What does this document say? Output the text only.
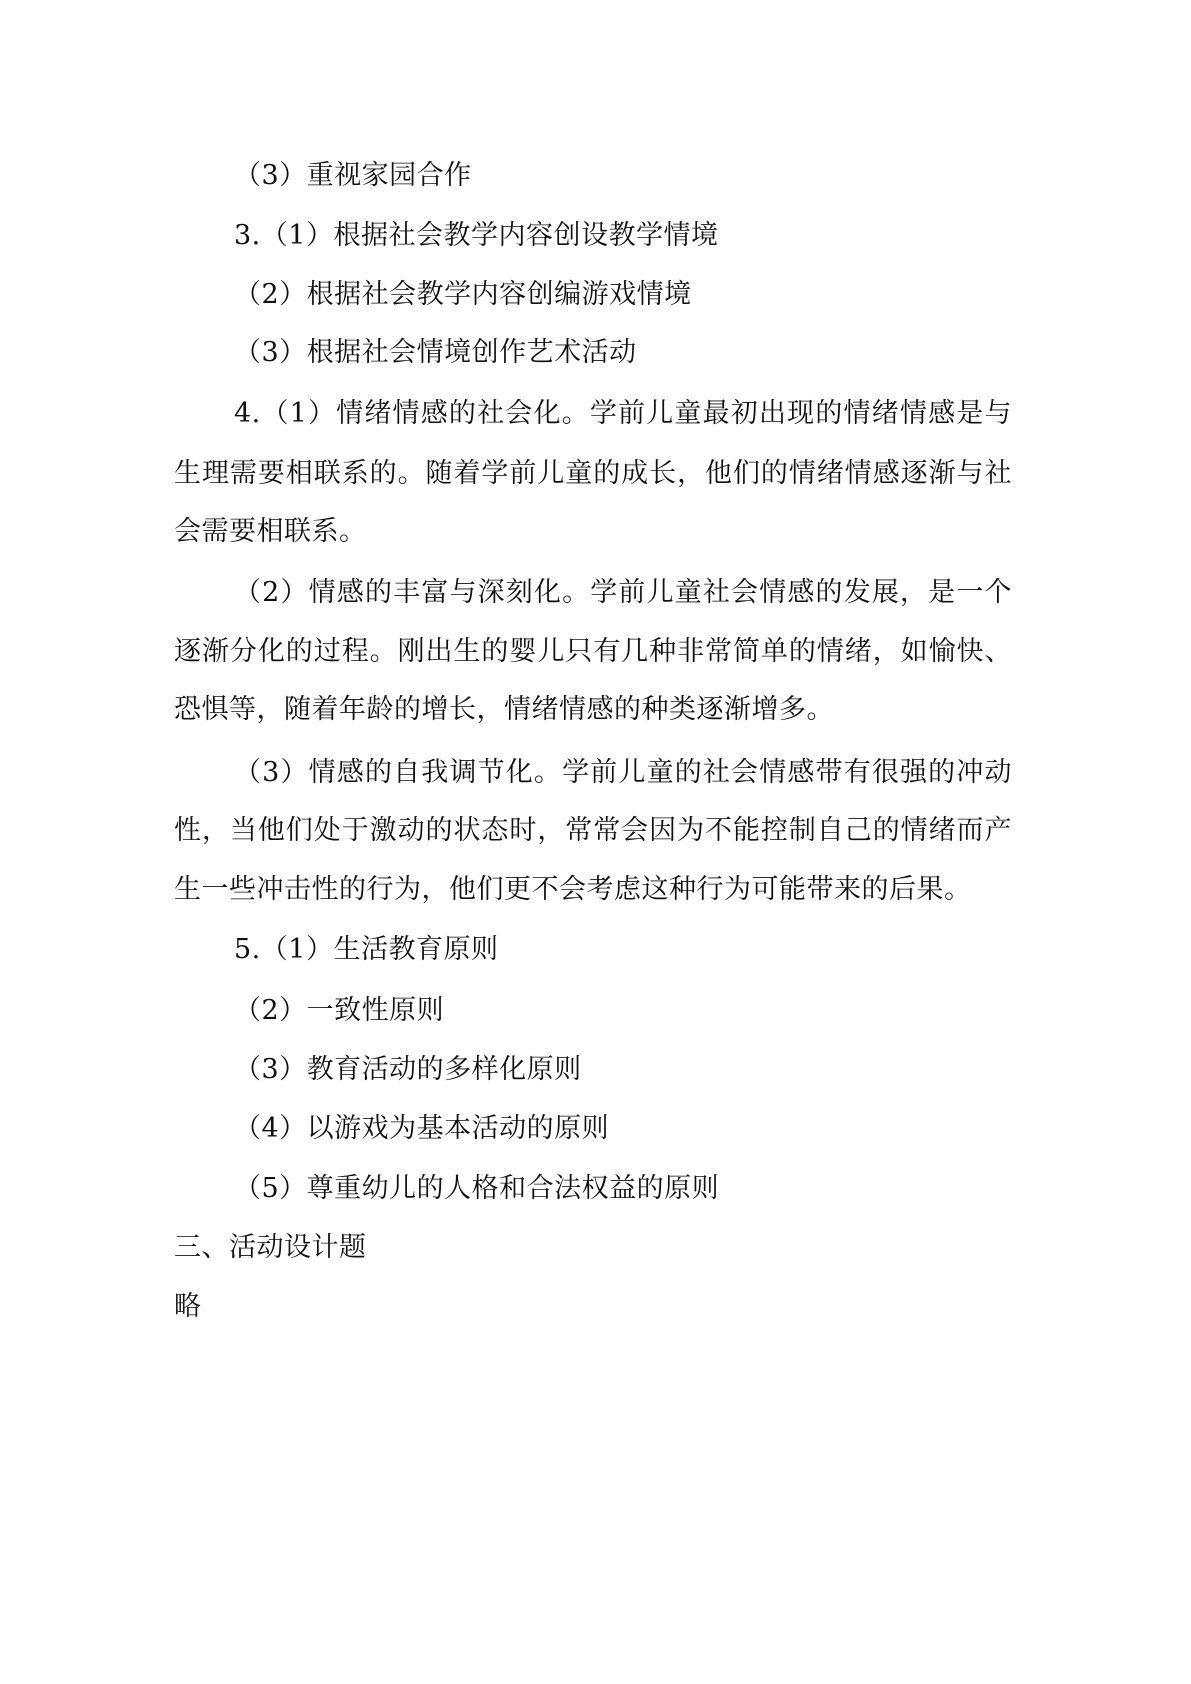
（3）重视家园合作

3.（1）根据社会教学内容创设教学情境

（2）根据社会教学内容创编游戏情境

（3）根据社会情境创作艺术活动

4.（1）情绪情感的社会化。学前儿童最初出现的情绪情感是与

生理需要相联系的。随着学前儿童的成长，他们的情绪情感逐渐与社

会需要相联系。

（2）情感的丰富与深刻化。学前儿童社会情感的发展，是一个

逐渐分化的过程。刚出生的婴儿只有几种非常简单的情绪，如愉快、

恐惧等，随着年龄的增长，情绪情感的种类逐渐增多。

（3）情感的自我调节化。学前儿童的社会情感带有很强的冲动

性，当他们处于激动的状态时，常常会因为不能控制自己的情绪而产

生一些冲击性的行为，他们更不会考虑这种行为可能带来的后果。

5.（1）生活教育原则

（2）一致性原则

（3）教育活动的多样化原则

（4）以游戏为基本活动的原则

（5）尊重幼儿的人格和合法权益的原则

三、活动设计题

略
